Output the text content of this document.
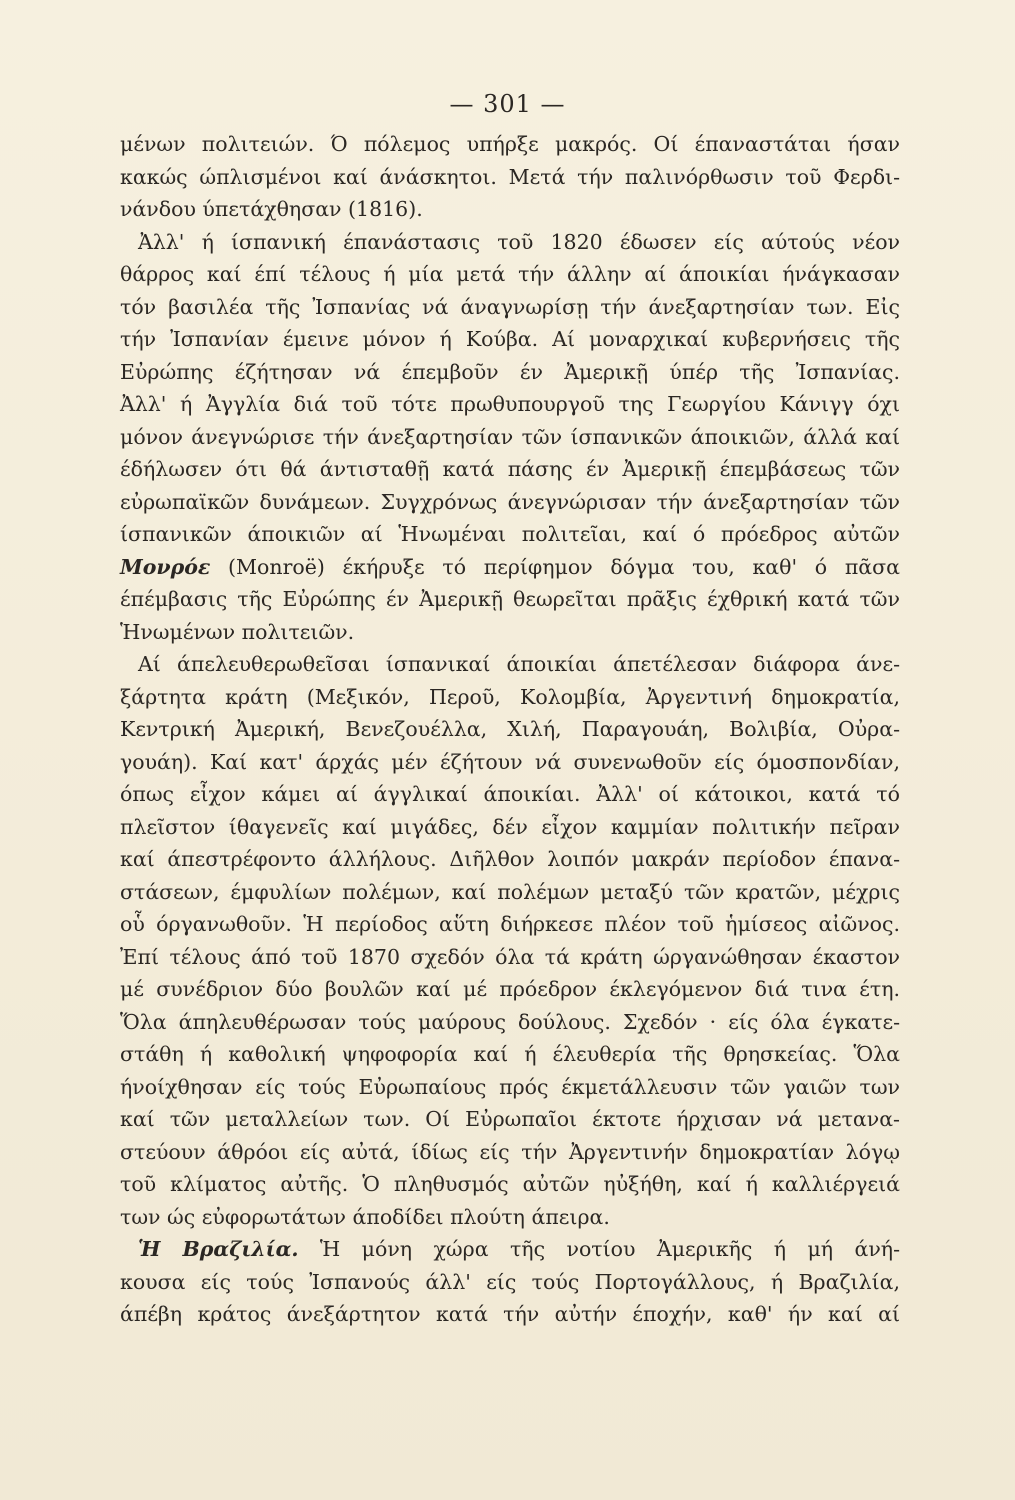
— 301 —
μένων πολιτειών. Ό πόλεμος υπήρξε μακρός. Οί έπαναστάται ήσαν
κακώς ώπλισμένοι καί άνάσκητοι. Μετά τήν παλινόρθωσιν τοῦ Φερδι-
νάνδου ύπετάχθησαν (1816).
Ἀλλ' ή ίσπανική έπανάστασις τοῦ 1820 έδωσεν είς αύτούς νέον
θάρρος καί έπί τέλους ή μία μετά τήν άλλην αί άποικίαι ήνάγκασαν
τόν βασιλέα τῆς Ἰσπανίας νά άναγνωρίσῃ τήν άνεξαρτησίαν των. Εἰς
τήν Ἰσπανίαν έμεινε μόνον ή Κούβα. Αί μοναρχικαί κυβερνήσεις τῆς
Εὐρώπης έζήτησαν νά έπεμβοῦν έν Ἀμερικῇ ύπέρ τῆς Ἰσπανίας.
Ἀλλ' ή Ἀγγλία διά τοῦ τότε πρωθυπουργοῦ της Γεωργίου Κάνιγγ όχι
μόνον άνεγνώρισε τήν άνεξαρτησίαν τῶν ίσπανικῶν άποικιῶν, άλλά καί
έδήλωσεν ότι θά άντισταθῇ κατά πάσης έν Ἀμερικῇ έπεμβάσεως τῶν
εὐρωπαϊκῶν δυνάμεων. Συγχρόνως άνεγνώρισαν τήν άνεξαρτησίαν τῶν
ίσπανικῶν άποικιῶν αί Ἡνωμέναι πολιτεῖαι, καί ό πρόεδρος αὐτῶν
Μονρόε (Monroë) έκήρυξε τό περίφημον δόγμα του, καθ' ό πᾶσα
έπέμβασις τῆς Εὐρώπης έν Ἀμερικῇ θεωρεῖται πρᾶξις έχθρική κατά τῶν
Ἡνωμένων πολιτειῶν.
Αί άπελευθερωθεῖσαι ίσπανικαί άποικίαι άπετέλεσαν διάφορα άνε-
ξάρτητα κράτη (Μεξικόν, Περοῦ, Κολομβία, Ἀργεντινή δημοκρατία,
Κεντρική Ἀμερική, Βενεζουέλλα, Χιλή, Παραγουάη, Βολιβία, Οὐρα-
γουάη). Καί κατ' άρχάς μέν έζήτουν νά συνενωθοῦν είς όμοσπονδίαν,
όπως εἶχον κάμει αί άγγλικαί άποικίαι. Ἀλλ' οί κάτοικοι, κατά τό
πλεῖστον ίθαγενεῖς καί μιγάδες, δέν εἶχον καμμίαν πολιτικήν πεῖραν
καί άπεστρέφοντο άλλήλους. Διῆλθον λοιπόν μακράν περίοδον έπανα-
στάσεων, έμφυλίων πολέμων, καί πολέμων μεταξύ τῶν κρατῶν, μέχρις
οὗ όργανωθοῦν. Ἡ περίοδος αὕτη διήρκεσε πλέον τοῦ ἡμίσεος αἰῶνος.
Ἐπί τέλους άπό τοῦ 1870 σχεδόν όλα τά κράτη ώργανώθησαν έκαστον
μέ συνέδριον δύο βουλῶν καί μέ πρόεδρον έκλεγόμενον διά τινα έτη.
Ὅλα άπηλευθέρωσαν τούς μαύρους δούλους. Σχεδόν · είς όλα έγκατε-
στάθη ή καθολική ψηφοφορία καί ή έλευθερία τῆς θρησκείας. Ὅλα
ήνοίχθησαν είς τούς Εὐρωπαίους πρός έκμετάλλευσιν τῶν γαιῶν των
καί τῶν μεταλλείων των. Οί Εὐρωπαῖοι έκτοτε ήρχισαν νά μετανα-
στεύουν άθρόοι είς αὐτά, ίδίως είς τήν Ἀργεντινήν δημοκρατίαν λόγῳ
τοῦ κλίματος αὐτῆς. Ὁ πληθυσμός αὐτῶν ηὐξήθη, καί ή καλλιέργειά
των ώς εὐφορωτάτων άποδίδει πλούτη άπειρα.
Ἡ Βραζιλία. Ἡ μόνη χώρα τῆς νοτίου Ἀμερικῆς ή μή άνή-
κουσα είς τούς Ἰσπανούς άλλ' είς τούς Πορτογάλλους, ή Βραζιλία,
άπέβη κράτος άνεξάρτητον κατά τήν αὐτήν έποχήν, καθ' ήν καί αί
